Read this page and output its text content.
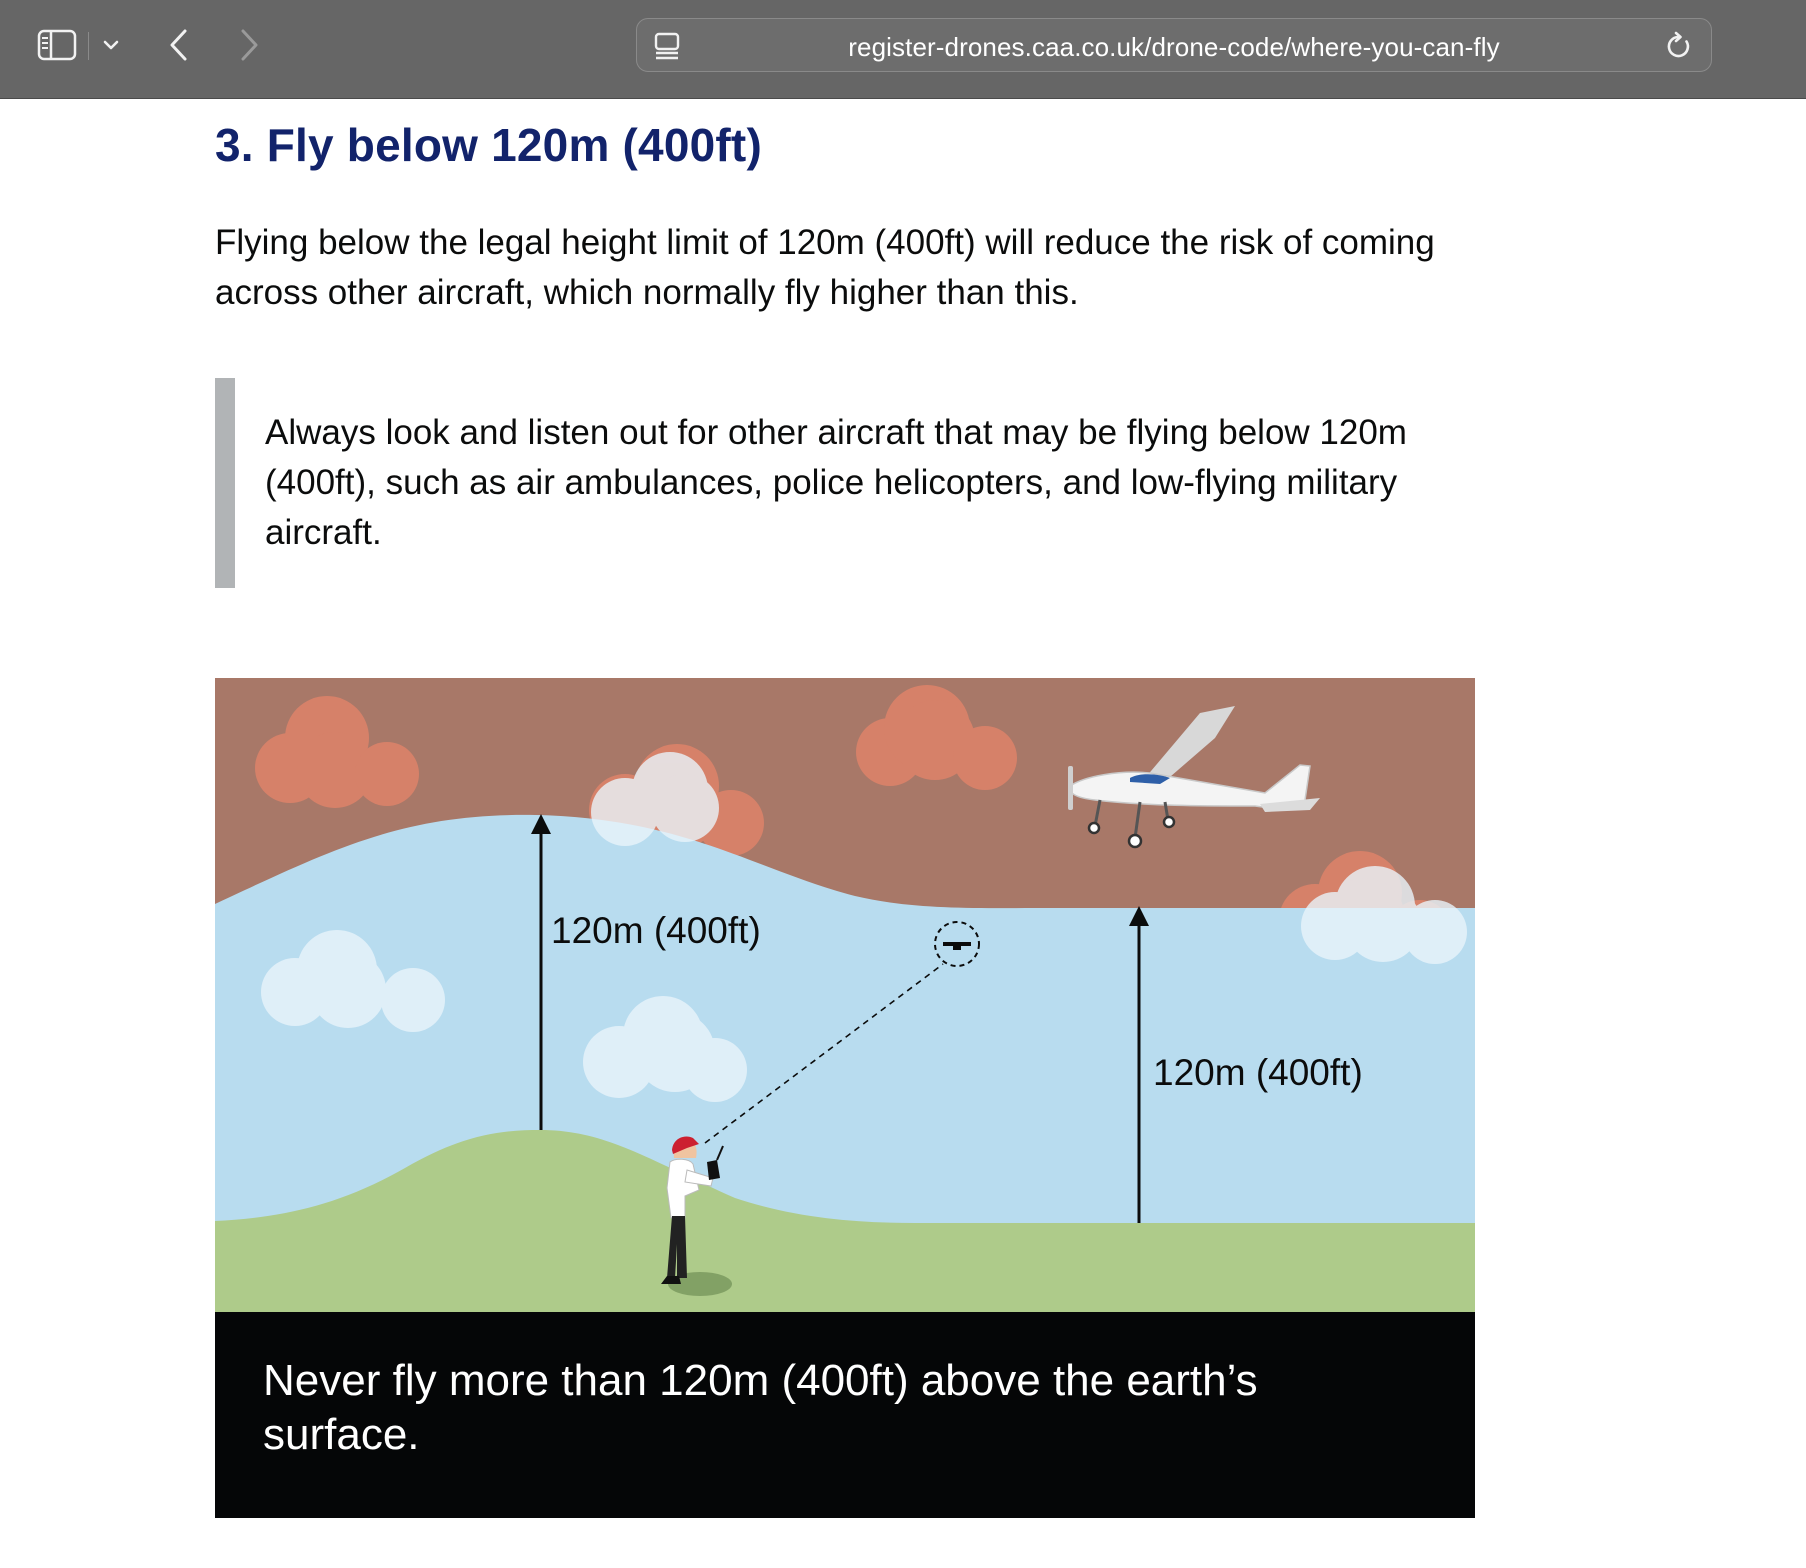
register-drones.caa.co.uk/drone-code/where-you-can-fly
3. Fly below 120m (400ft)

Flying below the legal height limit of 120m (400ft) will reduce the risk of coming across other aircraft, which normally fly higher than this.

Always look and listen out for other aircraft that may be flying below 120m (400ft), such as air ambulances, police helicopters, and low-flying military aircraft.

120m (400ft)
120m (400ft)

Never fly more than 120m (400ft) above the earth’s surface.
